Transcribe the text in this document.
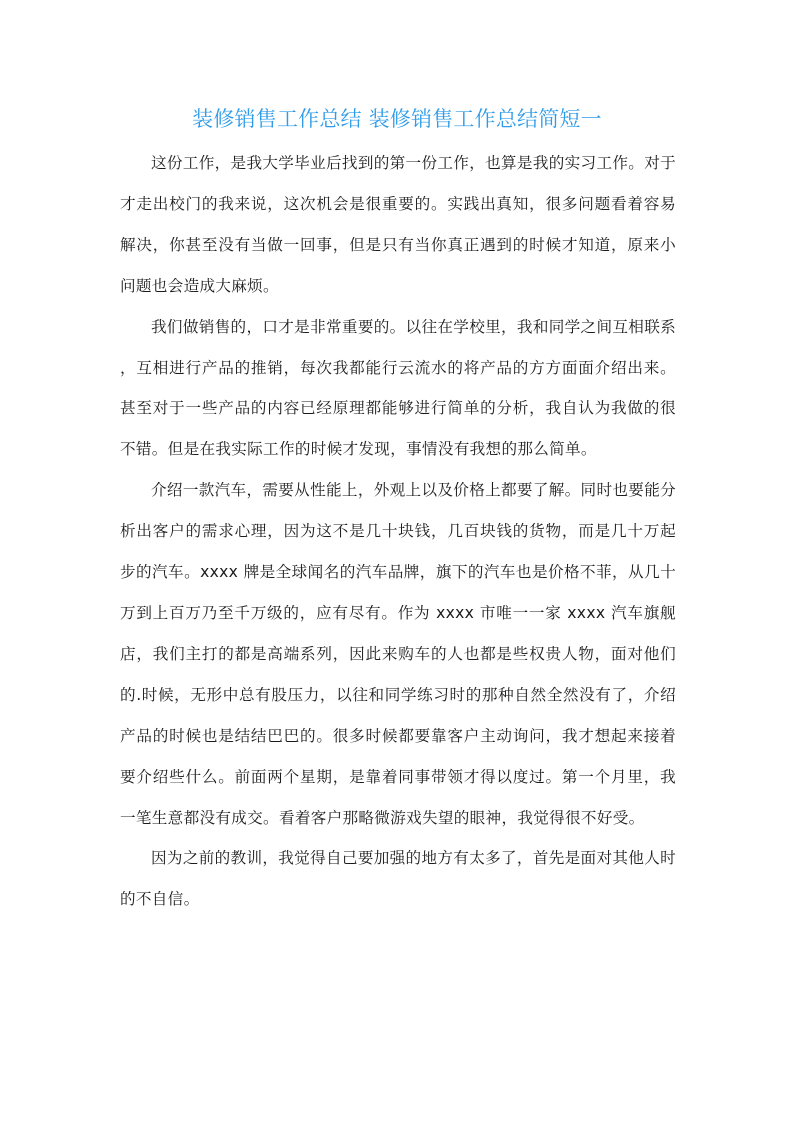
装修销售工作总结 装修销售工作总结简短一

这份工作，是我大学毕业后找到的第一份工作，也算是我的实习工作。对于才走出校门的我来说，这次机会是很重要的。实践出真知，很多问题看着容易解决，你甚至没有当做一回事，但是只有当你真正遇到的时候才知道，原来小问题也会造成大麻烦。

我们做销售的，口才是非常重要的。以往在学校里，我和同学之间互相联系，互相进行产品的推销，每次我都能行云流水的将产品的方方面面介绍出来。甚至对于一些产品的内容已经原理都能够进行简单的分析，我自认为我做的很不错。但是在我实际工作的时候才发现，事情没有我想的那么简单。

介绍一款汽车，需要从性能上，外观上以及价格上都要了解。同时也要能分析出客户的需求心理，因为这不是几十块钱，几百块钱的货物，而是几十万起步的汽车。xxxx 牌是全球闻名的汽车品牌，旗下的汽车也是价格不菲，从几十万到上百万乃至千万级的，应有尽有。作为 xxxx 市唯一一家 xxxx 汽车旗舰店，我们主打的都是高端系列，因此来购车的人也都是些权贵人物，面对他们的.时候，无形中总有股压力，以往和同学练习时的那种自然全然没有了，介绍产品的时候也是结结巴巴的。很多时候都要靠客户主动询问，我才想起来接着要介绍些什么。前面两个星期，是靠着同事带领才得以度过。第一个月里，我一笔生意都没有成交。看着客户那略微游戏失望的眼神，我觉得很不好受。

因为之前的教训，我觉得自己要加强的地方有太多了，首先是面对其他人时的不自信。
